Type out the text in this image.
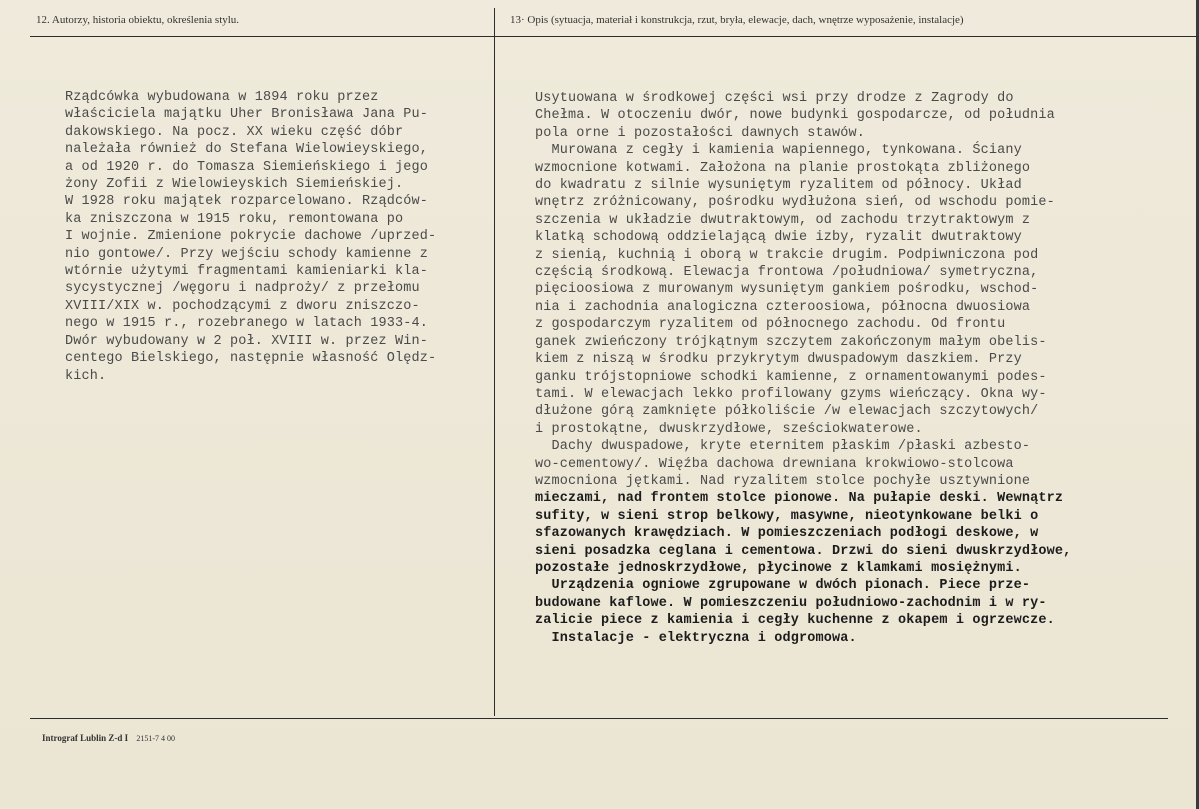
12. Autorzy, historia obiektu, określenia stylu.	13· Opis (sytuacja, materiał i konstrukcja, rzut, bryła, elewacje, dach, wnętrze wyposażenie, instalacje)
Rządcówka wybudowana w 1894 roku przez
właściciela majątku Uher Bronisława Jana Pu-
dakowskiego. Na pocz. XX wieku część dóbr
należała również do Stefana Wielowieyskiego,
a od 1920 r. do Tomasza Siemieńskiego i jego
żony Zofii z Wielowieyskich Siemieńskiej.
W 1928 roku majątek rozparcelowano. Rządców-
ka zniszczona w 1915 roku, remontowana po
I wojnie. Zmienione pokrycie dachowe /uprzed-
nio gontowe/. Przy wejściu schody kamienne z
wtórnie użytymi fragmentami kamieniarki kla-
sycystycznej /węgoru i nadproży/ z przełomu
XVIII/XIX w. pochodzącymi z dworu zniszczo-
nego w 1915 r., rozebranego w latach 1933-4.
Dwór wybudowany w 2 poł. XVIII w. przez Win-
centego Bielskiego, następnie własność Olędz-
kich.
Usytuowana w środkowej części wsi przy drodze z Zagrody do
Chełma. W otoczeniu dwór, nowe budynki gospodarcze, od południa
pola orne i pozostałości dawnych stawów.
Murowana z cegły i kamienia wapiennego, tynkowana. Ściany
wzmocnione kotwami. Założona na planie prostokąta zbliżonego
do kwadratu z silnie wysuniętym ryzalitem od północy. Układ
wnętrz zróżnicowany, pośrodku wydłużona sień, od wschodu pomie-
szczenia w układzie dwutraktowym, od zachodu trzytraktowym z
klatką schodową oddzielającą dwie izby, ryzalit dwutraktowy
z sienią, kuchnią i oborą w trakcie drugim. Podpiwniczona pod
częścią środkową. Elewacja frontowa /południowa/ symetryczna,
pięcioosiowa z murowanym wysuniętym gankiem pośrodku, wschod-
nia i zachodnia analogiczna czteroosiowa, północna dwuosiowa
z gospodarczym ryzalitem od północnego zachodu. Od frontu
ganek zwieńczony trójkątnym szczytem zakończonym małym obelis-
kiem z niszą w środku przykrytym dwuspadowym daszkiem. Przy
ganku trójstopniowe schodki kamienne, z ornamentowanymi podes-
tami. W elewacjach lekko profilowany gzyms wieńczący. Okna wy-
dłużone górą zamknięte półkoliście /w elewacjach szczytowych/
i prostokątne, dwuskrzydłowe, sześciokwaterowe.
Dachy dwuspadowe, kryte eternitem płaskim /płaski azbesto-
wo-cementowy/. Więźba dachowa drewniana krokwiowo-stolcowa
wzmocniona jętkami. Nad ryzalitem stolce pochyłe usztywnione
mieczami, nad frontem stolce pionowe. Na pułapie deski. Wewnątrz
sufity, w sieni strop belkowy, masywne, nieotynkowane belki o
sfazowanych krawędziach. W pomieszczeniach podłogi deskowe, w
sieni posadzka ceglana i cementowa. Drzwi do sieni dwuskrzydłowe,
pozostałe jednoskrzydłowe, płycinowe z klamkami mosiężnymi.
Urządzenia ogniowe zgrupowane w dwóch pionach. Piece prze-
budowane kaflowe. W pomieszczeniu południowo-zachodnim i w ry-
zalicie piece z kamienia i cegły kuchenne z okapem i ogrzewcze.
Instalacje - elektryczna i odgromowa.
Intrograf Lublin Z-d I 2151-7 4 00
